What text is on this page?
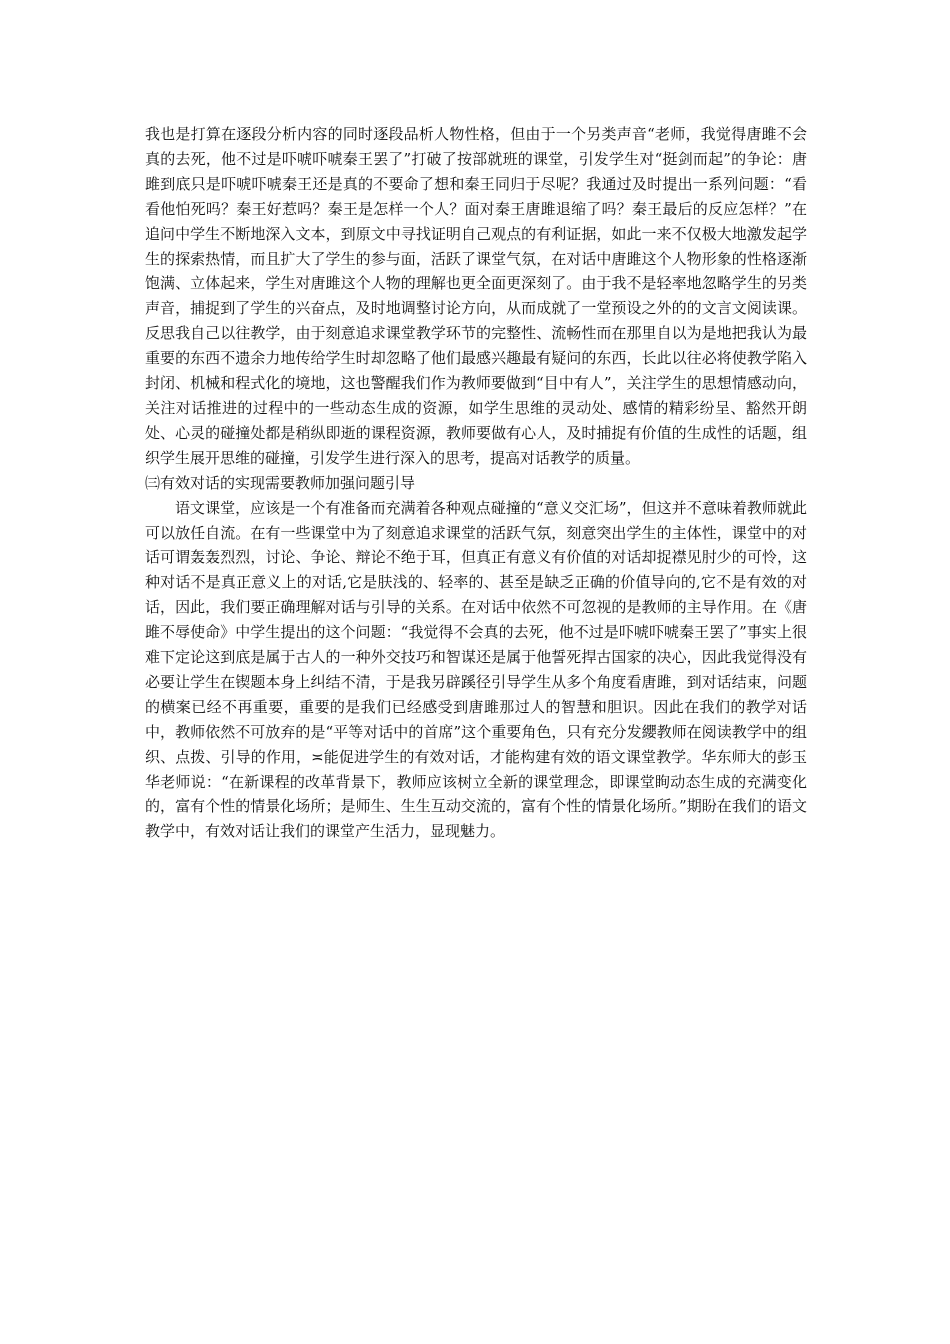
我也是打算在逐段分析内容的同时逐段品析人物性格，但由于一个另类声音“老师，我觉得唐雎不会真的去死，他不过是吓唬吓唬秦王罢了”打破了按部就班的课堂，引发学生对“挺剑而起”的争论：唐雎到底只是吓唬吓唬秦王还是真的不要命了想和秦王同归于尽呢？我通过及时提出一系列问题：“看看他怕死吗？秦王好惹吗？秦王是怎样一个人？面对秦王唐雎退缩了吗？秦王最后的反应怎样？”在追问中学生不断地深入文本，到原文中寻找证明自己观点的有利证据，如此一来不仅极大地激发起学生的探索热情，而且扩大了学生的参与面，活跃了课堂气氛，在对话中唐雎这个人物形象的性格逐渐饱满、立体起来，学生对唐雎这个人物的理解也更全面更深刻了。由于我不是轻率地忽略学生的另类声音，捕捉到了学生的兴奋点，及时地调整讨论方向，从而成就了一堂预设之外的的文言文阅读课。反思我自己以往教学，由于刻意追求课堂教学环节的完整性、流畅性而在那里自以为是地把我认为最重要的东西不遗余力地传给学生时却忽略了他们最感兴趣最有疑问的东西，长此以往必将使教学陷入封闭、机械和程式化的境地，这也警醒我们作为教师要做到“目中有人”，关注学生的思想情感动向，关注对话推进的过程中的一些动态生成的资源，如学生思维的灵动处、感情的精彩纷呈、豁然开朗处、心灵的碰撞处都是稍纵即逝的课程资源，教师要做有心人，及时捕捉有价值的生成性的话题，组织学生展开思维的碰撞，引发学生进行深入的思考，提高对话教学的质量。

㈢有效对话的实现需要教师加强问题引导

语文课堂，应该是一个有准备而充满着各种观点碰撞的“意义交汇场”，但这并不意味着教师就此可以放任自流。在有一些课堂中为了刻意追求课堂的活跃气氛，刻意突出学生的主体性，课堂中的对话可谓轰轰烈烈，讨论、争论、辩论不绝于耳，但真正有意义有价值的对话却捉襟见肘少的可怜，这种对话不是真正意义上的对话,它是肤浅的、轻率的、甚至是缺乏正确的价值导向的,它不是有效的对话，因此，我们要正确理解对话与引导的关系。在对话中依然不可忽视的是教师的主导作用。在《唐雎不辱使命》中学生提出的这个问题：“我觉得不会真的去死，他不过是吓唬吓唬秦王罢了”事实上很难下定论这到底是属于古人的一种外交技巧和智谋还是属于他誓死捍古国家的决心，因此我觉得没有必要让学生在锲题本身上纠结不清，于是我另辟蹊径引导学生从多个角度看唐雎，到对话结束，问题的横案已经不再重要，重要的是我们已经感受到唐雎那过人的智慧和胆识。因此在我们的教学对话中，教师依然不可放弃的是“平等对话中的首席”这个重要角色，只有充分发纓教师在阅读教学中的组织、点拨、引导的作用，≍能促进学生的有效对话，才能构建有效的语文课堂教学。华东师大的彭玉华老师说：“在新课程的改革背景下，教师应该树立全新的课堂理念，即课堂眴动态生成的充满变化的，富有个性的情景化场所；是师生、生生互动交流的，富有个性的情景化场所。”期盼在我们的语文教学中，有效对话让我们的课堂产生活力，显现魅力。
